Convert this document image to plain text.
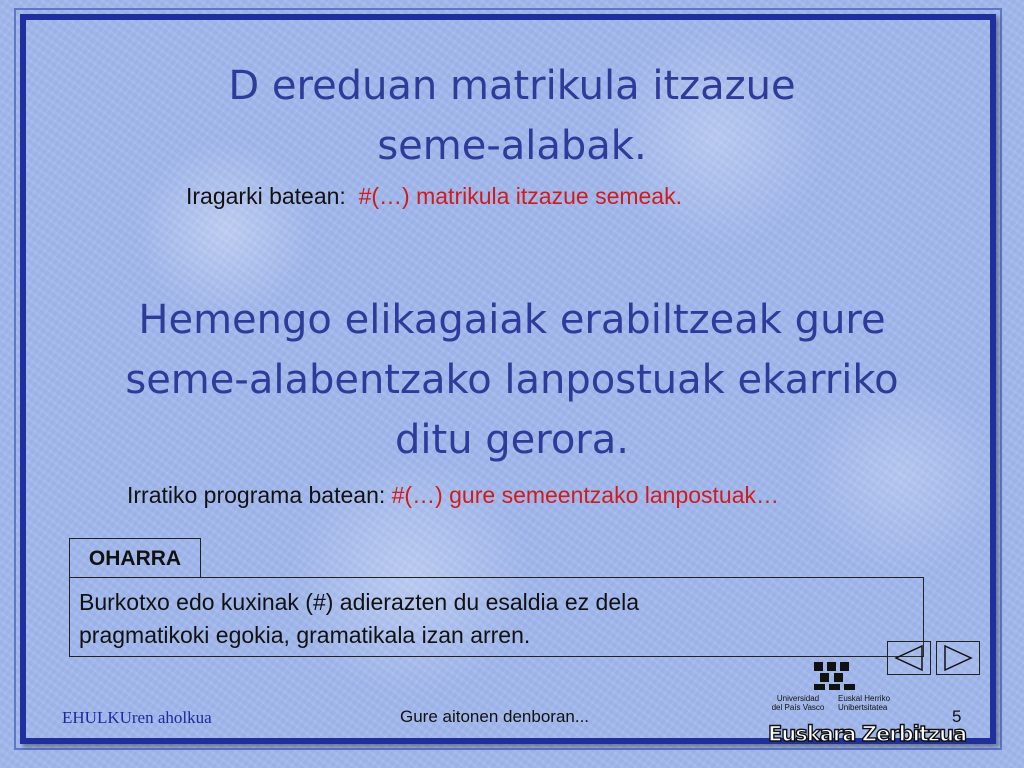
D ereduan matrikula itzazue
seme-alabak.
Iragarki batean:  #(…) matrikula itzazue semeak.
Hemengo elikagaiak erabiltzeak gure
seme-alabentzako lanpostuak ekarriko
ditu gerora.
Irratiko programa batean: #(…) gure semeentzako lanpostuak…
OHARRA
Burkotxo edo kuxinak (#) adierazten du esaldia ez dela
pragmatikoki egokia, gramatikala izan arren.
EHULKUren aholkua	Gure aitonen denboran...	5
Universidad
del País Vasco
Euskal Herriko
Unibertsitatea
Euskara Zerbitzua
